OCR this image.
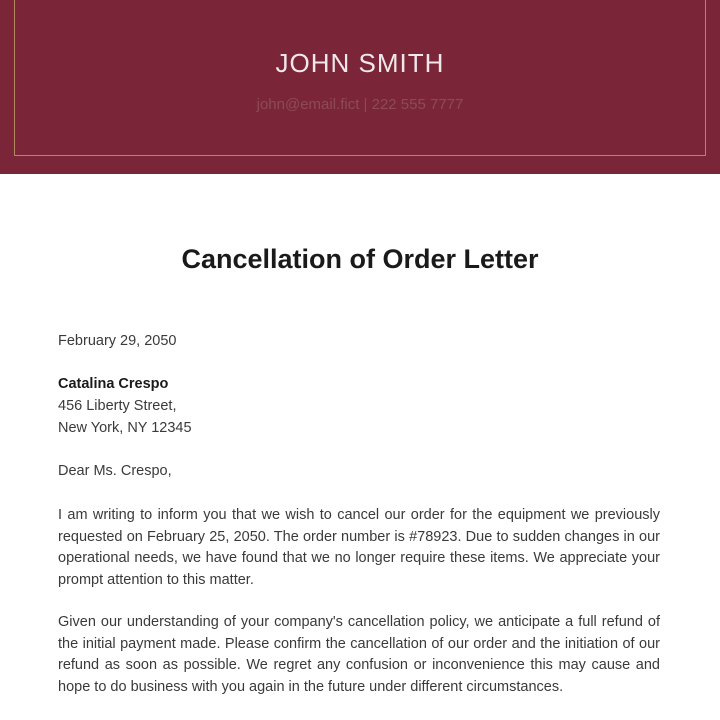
JOHN SMITH
john@email.fict | 222 555 7777
Cancellation of Order Letter
February 29, 2050
Catalina Crespo
456 Liberty Street,
New York, NY 12345
Dear Ms. Crespo,
I am writing to inform you that we wish to cancel our order for the equipment we previously requested on February 25, 2050. The order number is #78923. Due to sudden changes in our operational needs, we have found that we no longer require these items. We appreciate your prompt attention to this matter.
Given our understanding of your company's cancellation policy, we anticipate a full refund of the initial payment made. Please confirm the cancellation of our order and the initiation of our refund as soon as possible. We regret any confusion or inconvenience this may cause and hope to do business with you again in the future under different circumstances.
